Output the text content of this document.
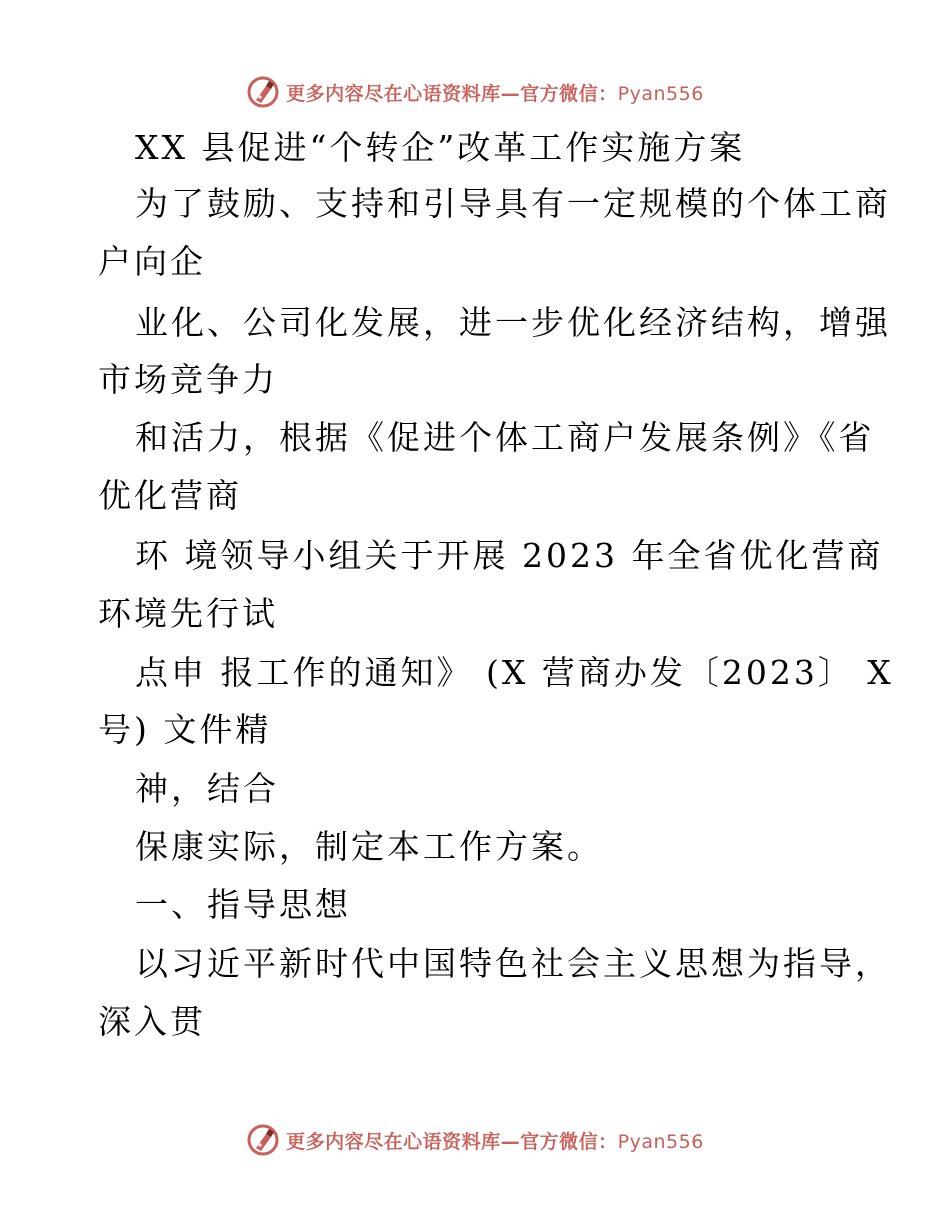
更多内容尽在心语资料库—官方微信：Pyan556
XX 县促进“个转企”改革工作实施方案
为了鼓励、支持和引导具有一定规模的个体工商
户向企
业化、公司化发展，进一步优化经济结构，增强
市场竞争力
和活力，根据《促进个体工商户发展条例》《省
优化营商
环 境领导小组关于开展 2023 年全省优化营商
环境先行试
点申 报工作的通知》 (X 营商办发〔2023〕 X
号) 文件精
神，结合
保康实际，制定本工作方案。
一、指导思想
以习近平新时代中国特色社会主义思想为指导，
深入贯
更多内容尽在心语资料库—官方微信：Pyan556
